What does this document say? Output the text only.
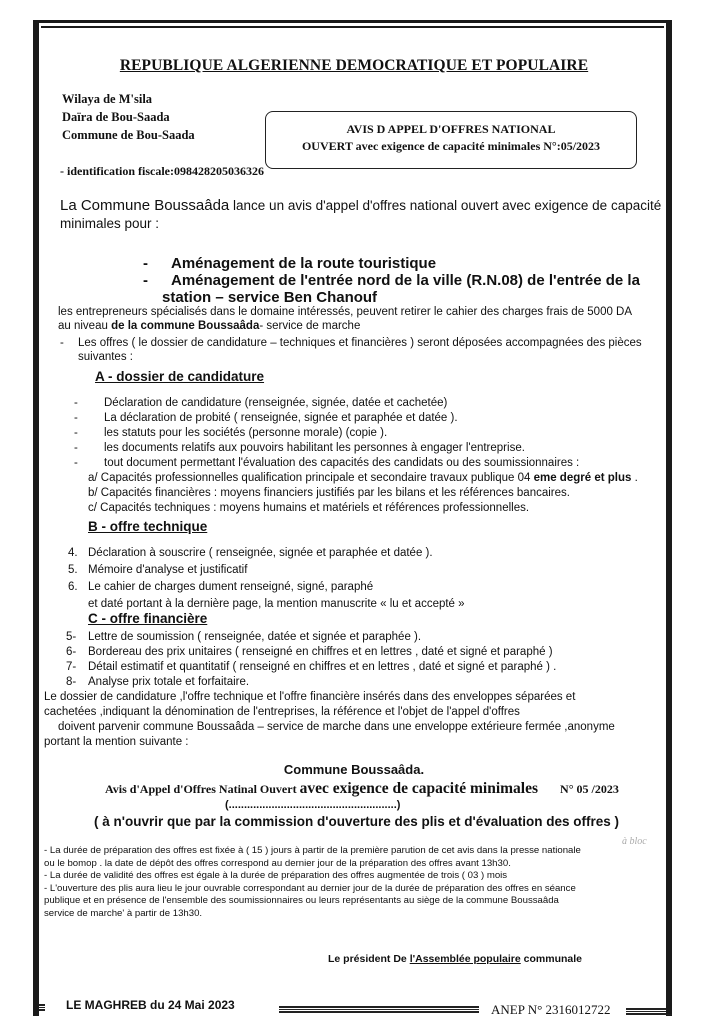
REPUBLIQUE ALGERIENNE DEMOCRATIQUE ET POPULAIRE
Wilaya de M'sila
Daïra de Bou-Saada
Commune de Bou-Saada	AVIS D APPEL D'OFFRES NATIONAL
OUVERT avec exigence de capacité minimales N°:05/2023
- identification fiscale:098428205036326
La Commune Boussaâda lance un avis d'appel d'offres national ouvert avec exigence de capacité
minimales pour :
- Aménagement de la route touristique
- Aménagement de l'entrée nord de la ville (R.N.08) de l'entrée de la
station – service Ben Chanouf
les entrepreneurs spécialisés dans le domaine intéressés, peuvent retirer le cahier des charges frais de 5000 DA
au niveau de la commune Boussaâda- service de marche
- Les offres ( le dossier de candidature – techniques et financières ) seront déposées accompagnées des pièces
suivantes :
A - dossier de candidature
- Déclaration de candidature (renseignée, signée, datée et cachetée)
- La déclaration de probité ( renseignée, signée et paraphée et datée ).
- les statuts pour les sociétés (personne morale) (copie ).
- les documents relatifs aux pouvoirs habilitant les personnes à engager l'entreprise.
- tout document permettant l'évaluation des capacités des candidats ou des soumissionnaires :
a/ Capacités professionnelles qualification principale et secondaire travaux publique 04 eme degré et plus .
b/ Capacités financières : moyens financiers justifiés par les bilans et les références bancaires.
c/ Capacités techniques : moyens humains et matériels et références professionnelles.
B - offre technique
4. Déclaration à souscrire ( renseignée, signée et paraphée et datée ).
5. Mémoire d'analyse et justificatif
6. Le cahier de charges dument renseigné, signé, paraphé
et daté portant à la dernière page, la mention manuscrite « lu et accepté »
C - offre financière
5- Lettre de soumission ( renseignée, datée et signée et paraphée ).
6- Bordereau des prix unitaires ( renseigné en chiffres et en lettres , daté et signé et paraphé )
7- Détail estimatif et quantitatif ( renseigné en chiffres et en lettres , daté et signé et paraphé ) .
8- Analyse prix totale et forfaitaire.
Le dossier de candidature ,l'offre technique et l'offre financière insérés dans des enveloppes séparées et
cachetées ,indiquant la dénomination de l'entreprises, la référence et l'objet de l'appel d'offres
doivent parvenir commune Boussaâda – service de marche dans une enveloppe extérieure fermée ,anonyme
portant la mention suivante :
Commune Boussaâda.
Avis d'Appel d'Offres Natinal Ouvert avec exigence de capacité minimales N° 05 /2023
(.......................................................)
( à n'ouvrir que par la commission d'ouverture des plis et d'évaluation des offres )
- La durée de préparation des offres est fixée à ( 15 ) jours à partir de la première parution de cet avis dans la presse nationale
ou le bomop . la date de dépôt des offres correspond au dernier jour de la préparation des offres avant 13h30.
- La durée de validité des offres est égale à la durée de préparation des offres augmentée de trois ( 03 ) mois
- L'ouverture des plis aura lieu le jour ouvrable correspondant au dernier jour de la durée de préparation des offres en séance
publique et en présence de l'ensemble des soumissionnaires ou leurs représentants au siège de la commune Boussaâda
service de marche' à partir de 13h30.
à bloc
Le président De l'Assemblée populaire communale
LE MAGHREB du 24 Mai 2023	ANEP N° 2316012722
